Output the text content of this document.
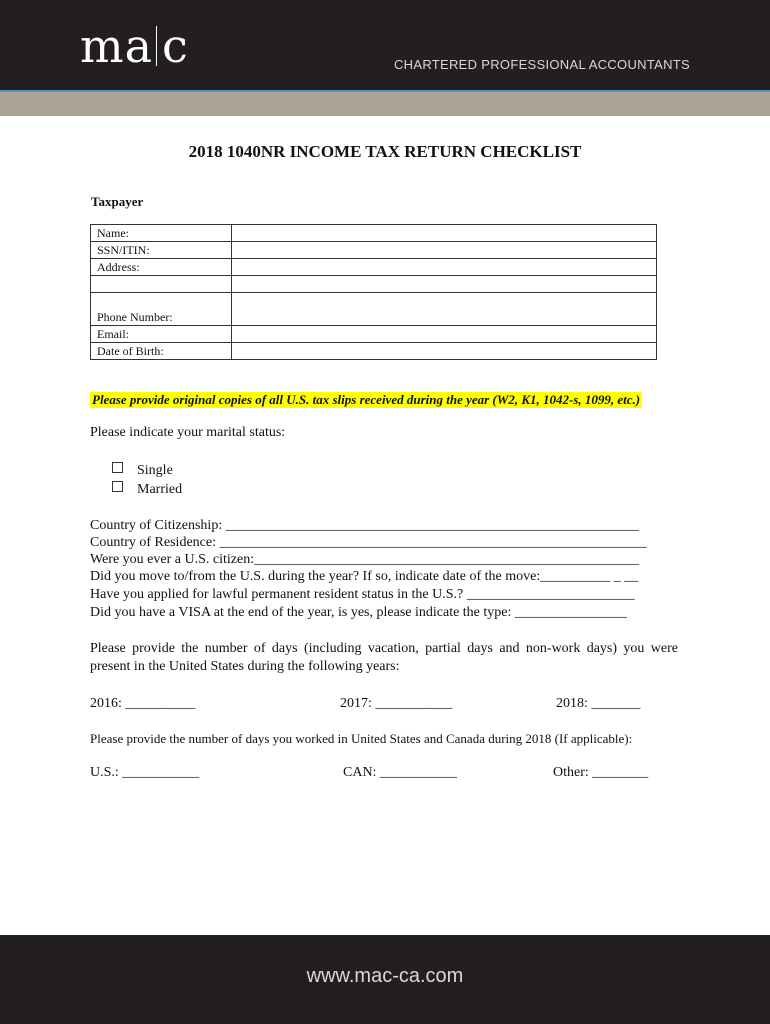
ma c	CHARTERED PROFESSIONAL ACCOUNTANTS
2018 1040NR INCOME TAX RETURN CHECKLIST
Taxpayer
Name:	
SSN/ITIN:	
Address:	

Phone Number:	
Email:	
Date of Birth:	
Please provide original copies of all U.S. tax slips received during the year (W2, K1, 1042-s, 1099, etc.)
Please indicate your marital status:
Single
Married
Country of Citizenship: ___________________________________________________________
Country of Residence: _____________________________________________________________
Were you ever a U.S. citizen:_______________________________________________________
Did you move to/from the U.S. during the year? If so, indicate date of the move:__________ _ __
Have you applied for lawful permanent resident status in the U.S.? ________________________
Did you have a VISA at the end of the year, is yes, please indicate the type: ________________
Please provide the number of days (including vacation, partial days and non-work days) you were present in the United States during the following years:
2016: __________	2017: ___________	2018: _______
Please provide the number of days you worked in United States and Canada during 2018 (If applicable):
U.S.: ___________	CAN: ___________	Other: ________
www.mac-ca.com
